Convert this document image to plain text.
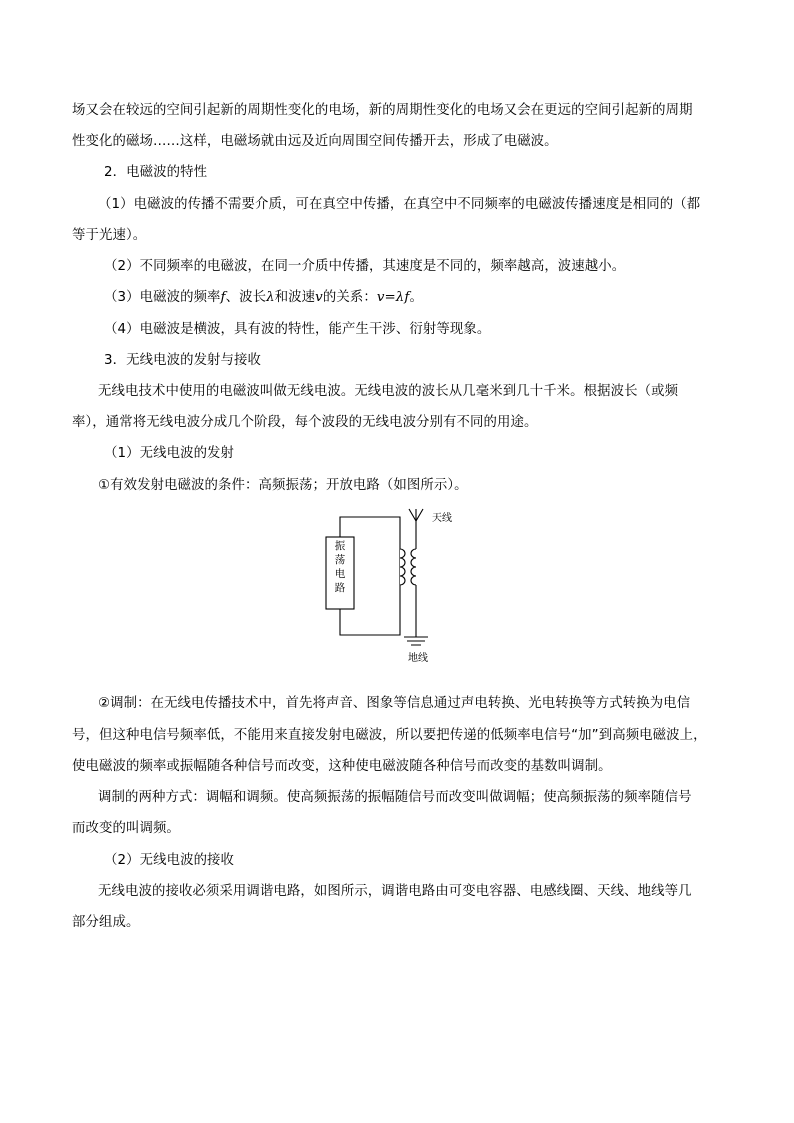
场又会在较远的空间引起新的周期性变化的电场，新的周期性变化的电场又会在更远的空间引起新的周期
性变化的磁场……这样，电磁场就由远及近向周围空间传播开去，形成了电磁波。
2．电磁波的特性
（1）电磁波的传播不需要介质，可在真空中传播，在真空中不同频率的电磁波传播速度是相同的（都
等于光速）。
（2）不同频率的电磁波，在同一介质中传播，其速度是不同的，频率越高，波速越小。
（3）电磁波的频率f、波长λ和波速v的关系：v=λf。
（4）电磁波是横波，具有波的特性，能产生干涉、衍射等现象。
3．无线电波的发射与接收
无线电技术中使用的电磁波叫做无线电波。无线电波的波长从几毫米到几十千米。根据波长（或频
率），通常将无线电波分成几个阶段，每个波段的无线电波分别有不同的用途。
（1）无线电波的发射
①有效发射电磁波的条件：高频振荡；开放电路（如图所示）。
振
荡
电
路
天线
地线
②调制：在无线电传播技术中，首先将声音、图象等信息通过声电转换、光电转换等方式转换为电信
号，但这种电信号频率低，不能用来直接发射电磁波，所以要把传递的低频率电信号“加”到高频电磁波上，
使电磁波的频率或振幅随各种信号而改变，这种使电磁波随各种信号而改变的基数叫调制。
调制的两种方式：调幅和调频。使高频振荡的振幅随信号而改变叫做调幅；使高频振荡的频率随信号
而改变的叫调频。
（2）无线电波的接收
无线电波的接收必须采用调谐电路，如图所示，调谐电路由可变电容器、电感线圈、天线、地线等几
部分组成。
